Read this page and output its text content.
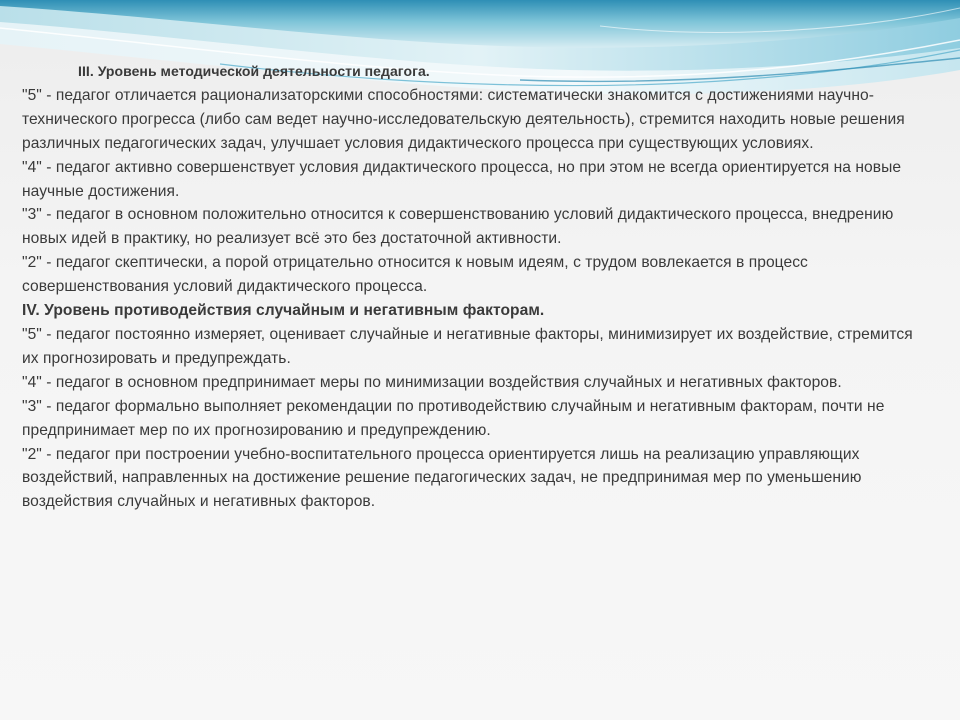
III. Уровень методической деятельности педагога.

"5" - педагог отличается рационализаторскими способностями: систематически знакомится с достижениями научно-технического прогресса (либо сам ведет научно-исследовательскую деятельность), стремится находить новые решения различных педагогических задач, улучшает условия дидактического процесса при существующих условиях.

"4" - педагог активно совершенствует условия дидактического процесса, но при этом не всегда ориентируется на новые научные достижения.

"3" - педагог в основном положительно относится к совершенствованию условий дидактического процесса, внедрению новых идей в практику, но реализует всё это без достаточной активности.

"2" - педагог скептически, а порой отрицательно относится к новым идеям, с трудом вовлекается в процесс совершенствования условий дидактического процесса.

IV. Уровень противодействия случайным и негативным факторам.

"5" - педагог постоянно измеряет, оценивает случайные и негативные факторы, минимизирует их воздействие, стремится их прогнозировать и предупреждать.

"4" - педагог в основном предпринимает меры по минимизации воздействия случайных и негативных факторов.

"3" - педагог формально выполняет рекомендации по противодействию случайным и негативным факторам, почти не предпринимает мер по их прогнозированию и предупреждению.

"2" - педагог при построении учебно-воспитательного процесса ориентируется лишь на реализацию управляющих воздействий, направленных на достижение решение педагогических задач, не предпринимая мер по уменьшению воздействия случайных и негативных факторов.
